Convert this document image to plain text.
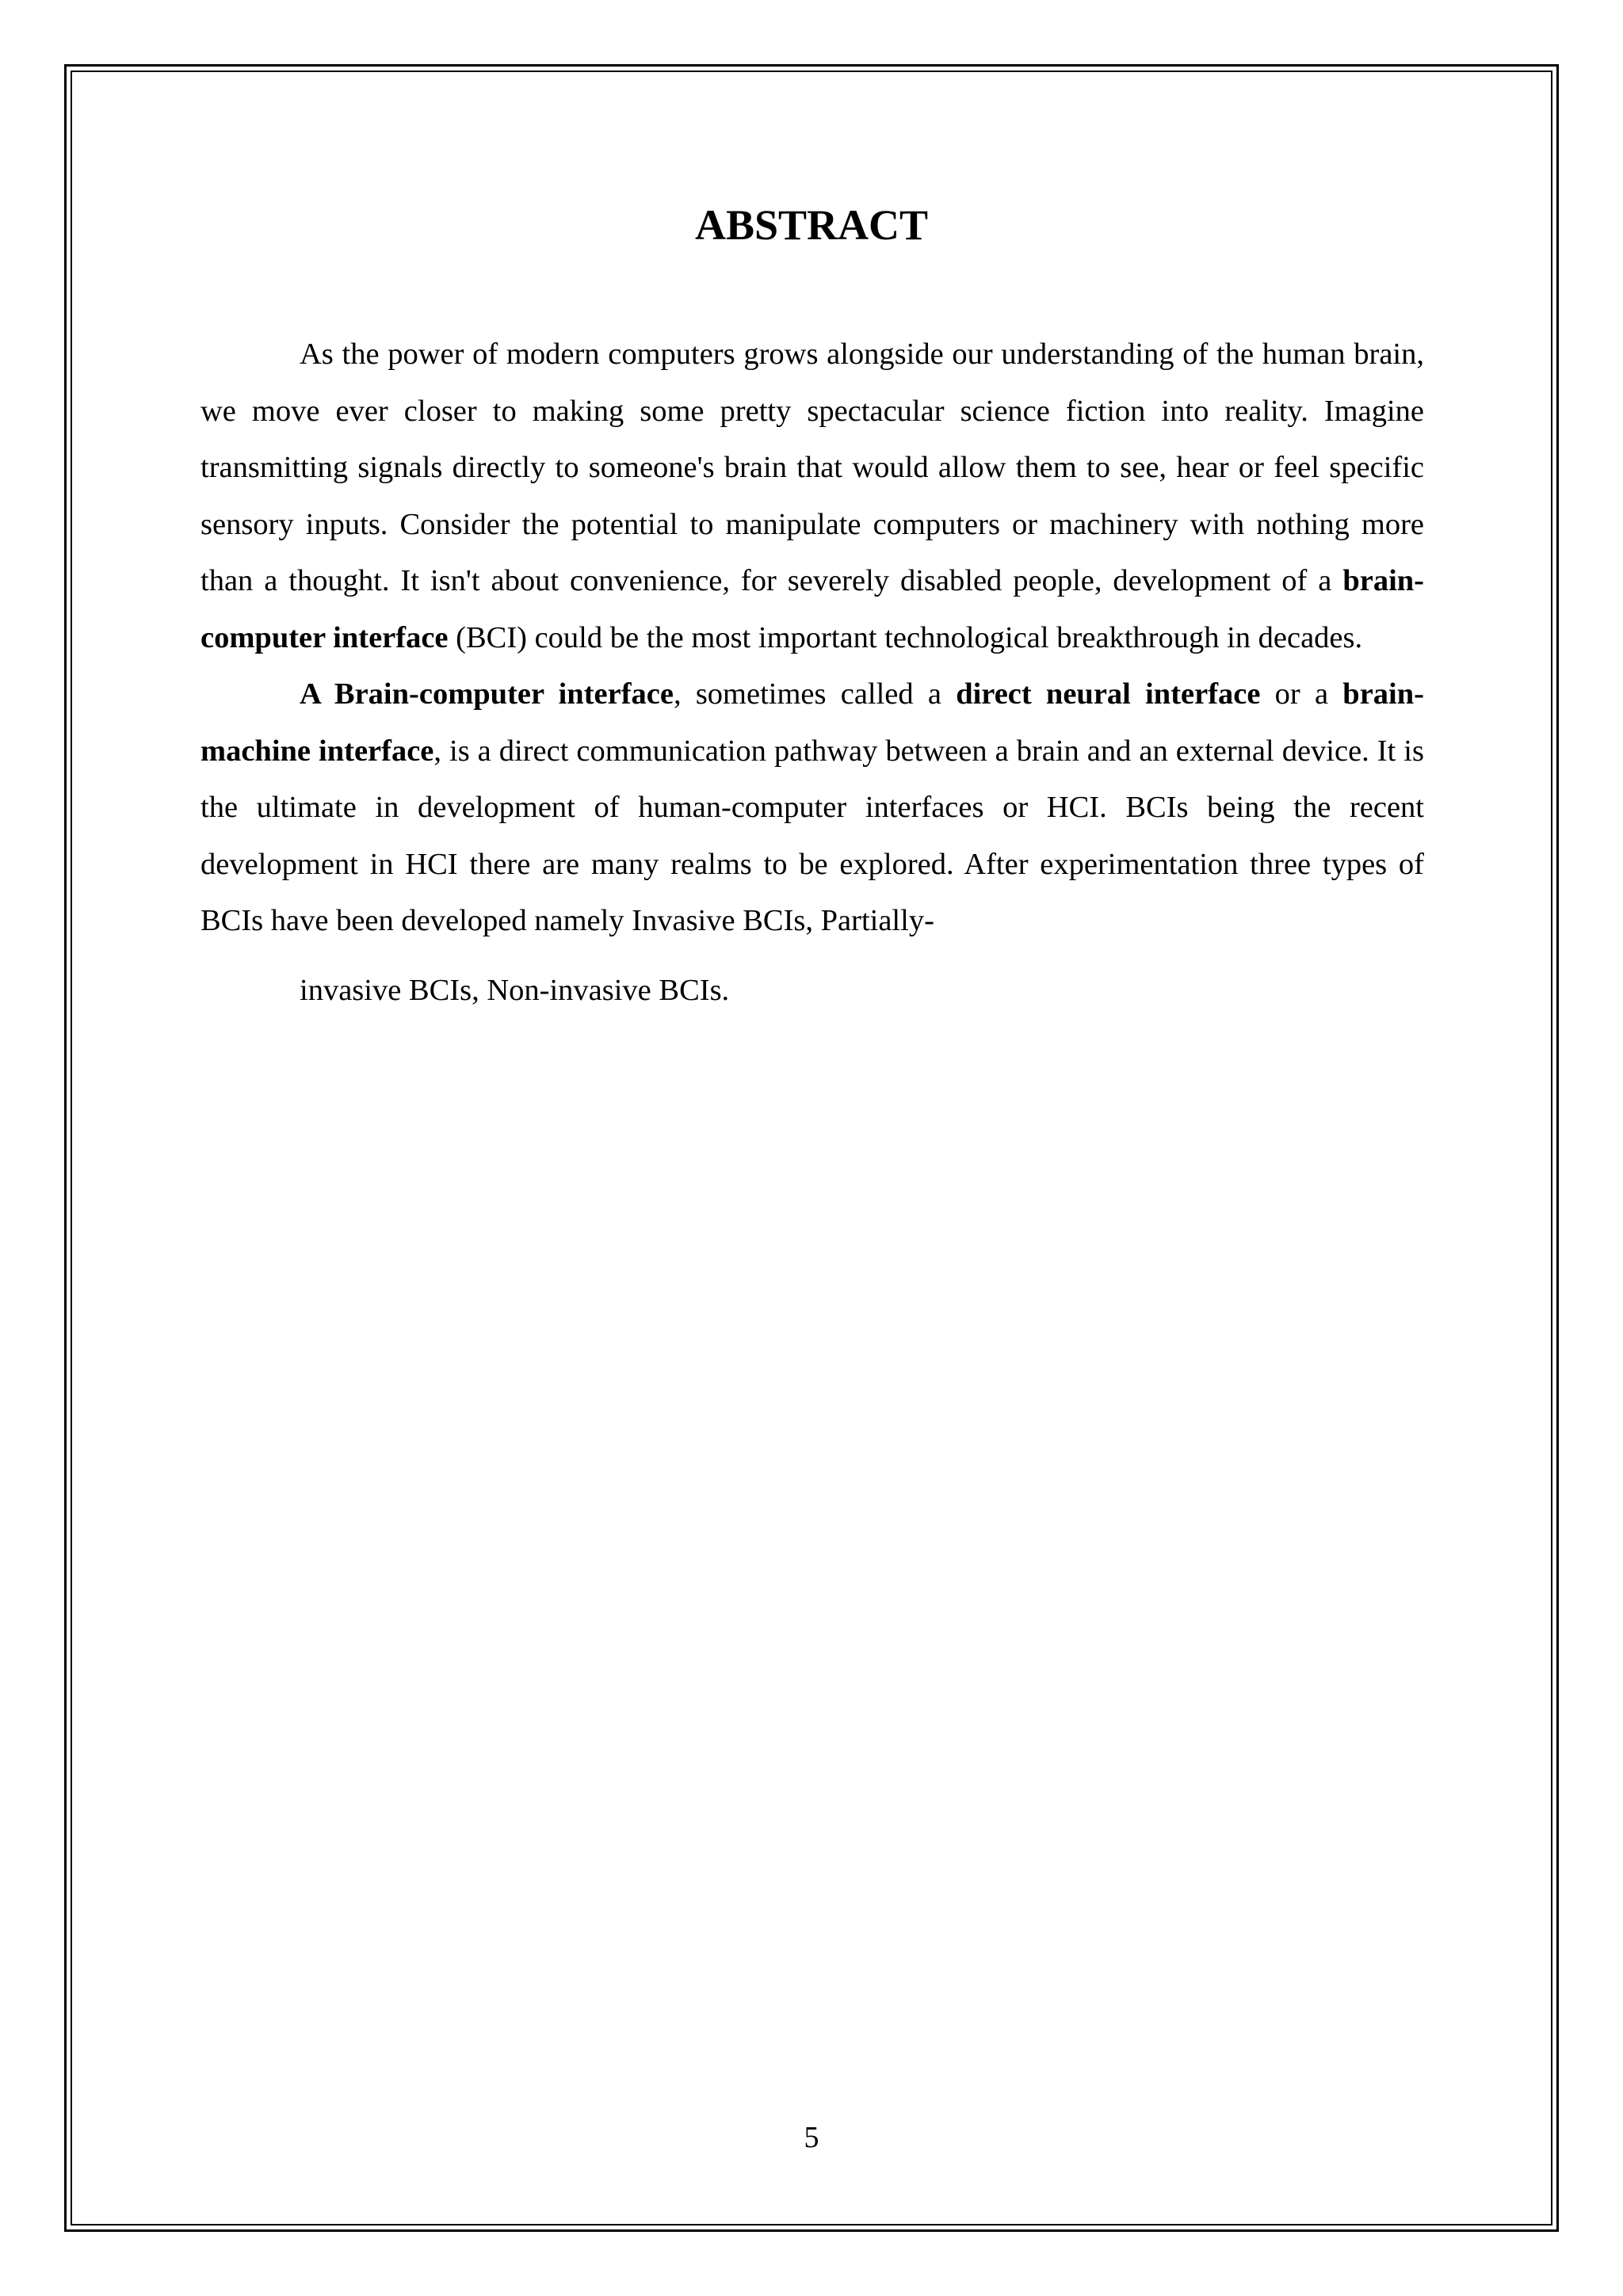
ABSTRACT

As the power of modern computers grows alongside our understanding of the human brain, we move ever closer to making some pretty spectacular science fiction into reality. Imagine transmitting signals directly to someone's brain that would allow them to see, hear or feel specific sensory inputs. Consider the potential to manipulate computers or machinery with nothing more than a thought. It isn't about convenience, for severely disabled people, development of a brain-computer interface (BCI) could be the most important technological breakthrough in decades.

A Brain-computer interface, sometimes called a direct neural interface or a brain-machine interface, is a direct communication pathway between a brain and an external device. It is the ultimate in development of human-computer interfaces or HCI. BCIs being the recent development in HCI there are many realms to be explored. After experimentation three types of BCIs have been developed namely Invasive BCIs, Partially-
invasive BCIs, Non-invasive BCIs.

5
